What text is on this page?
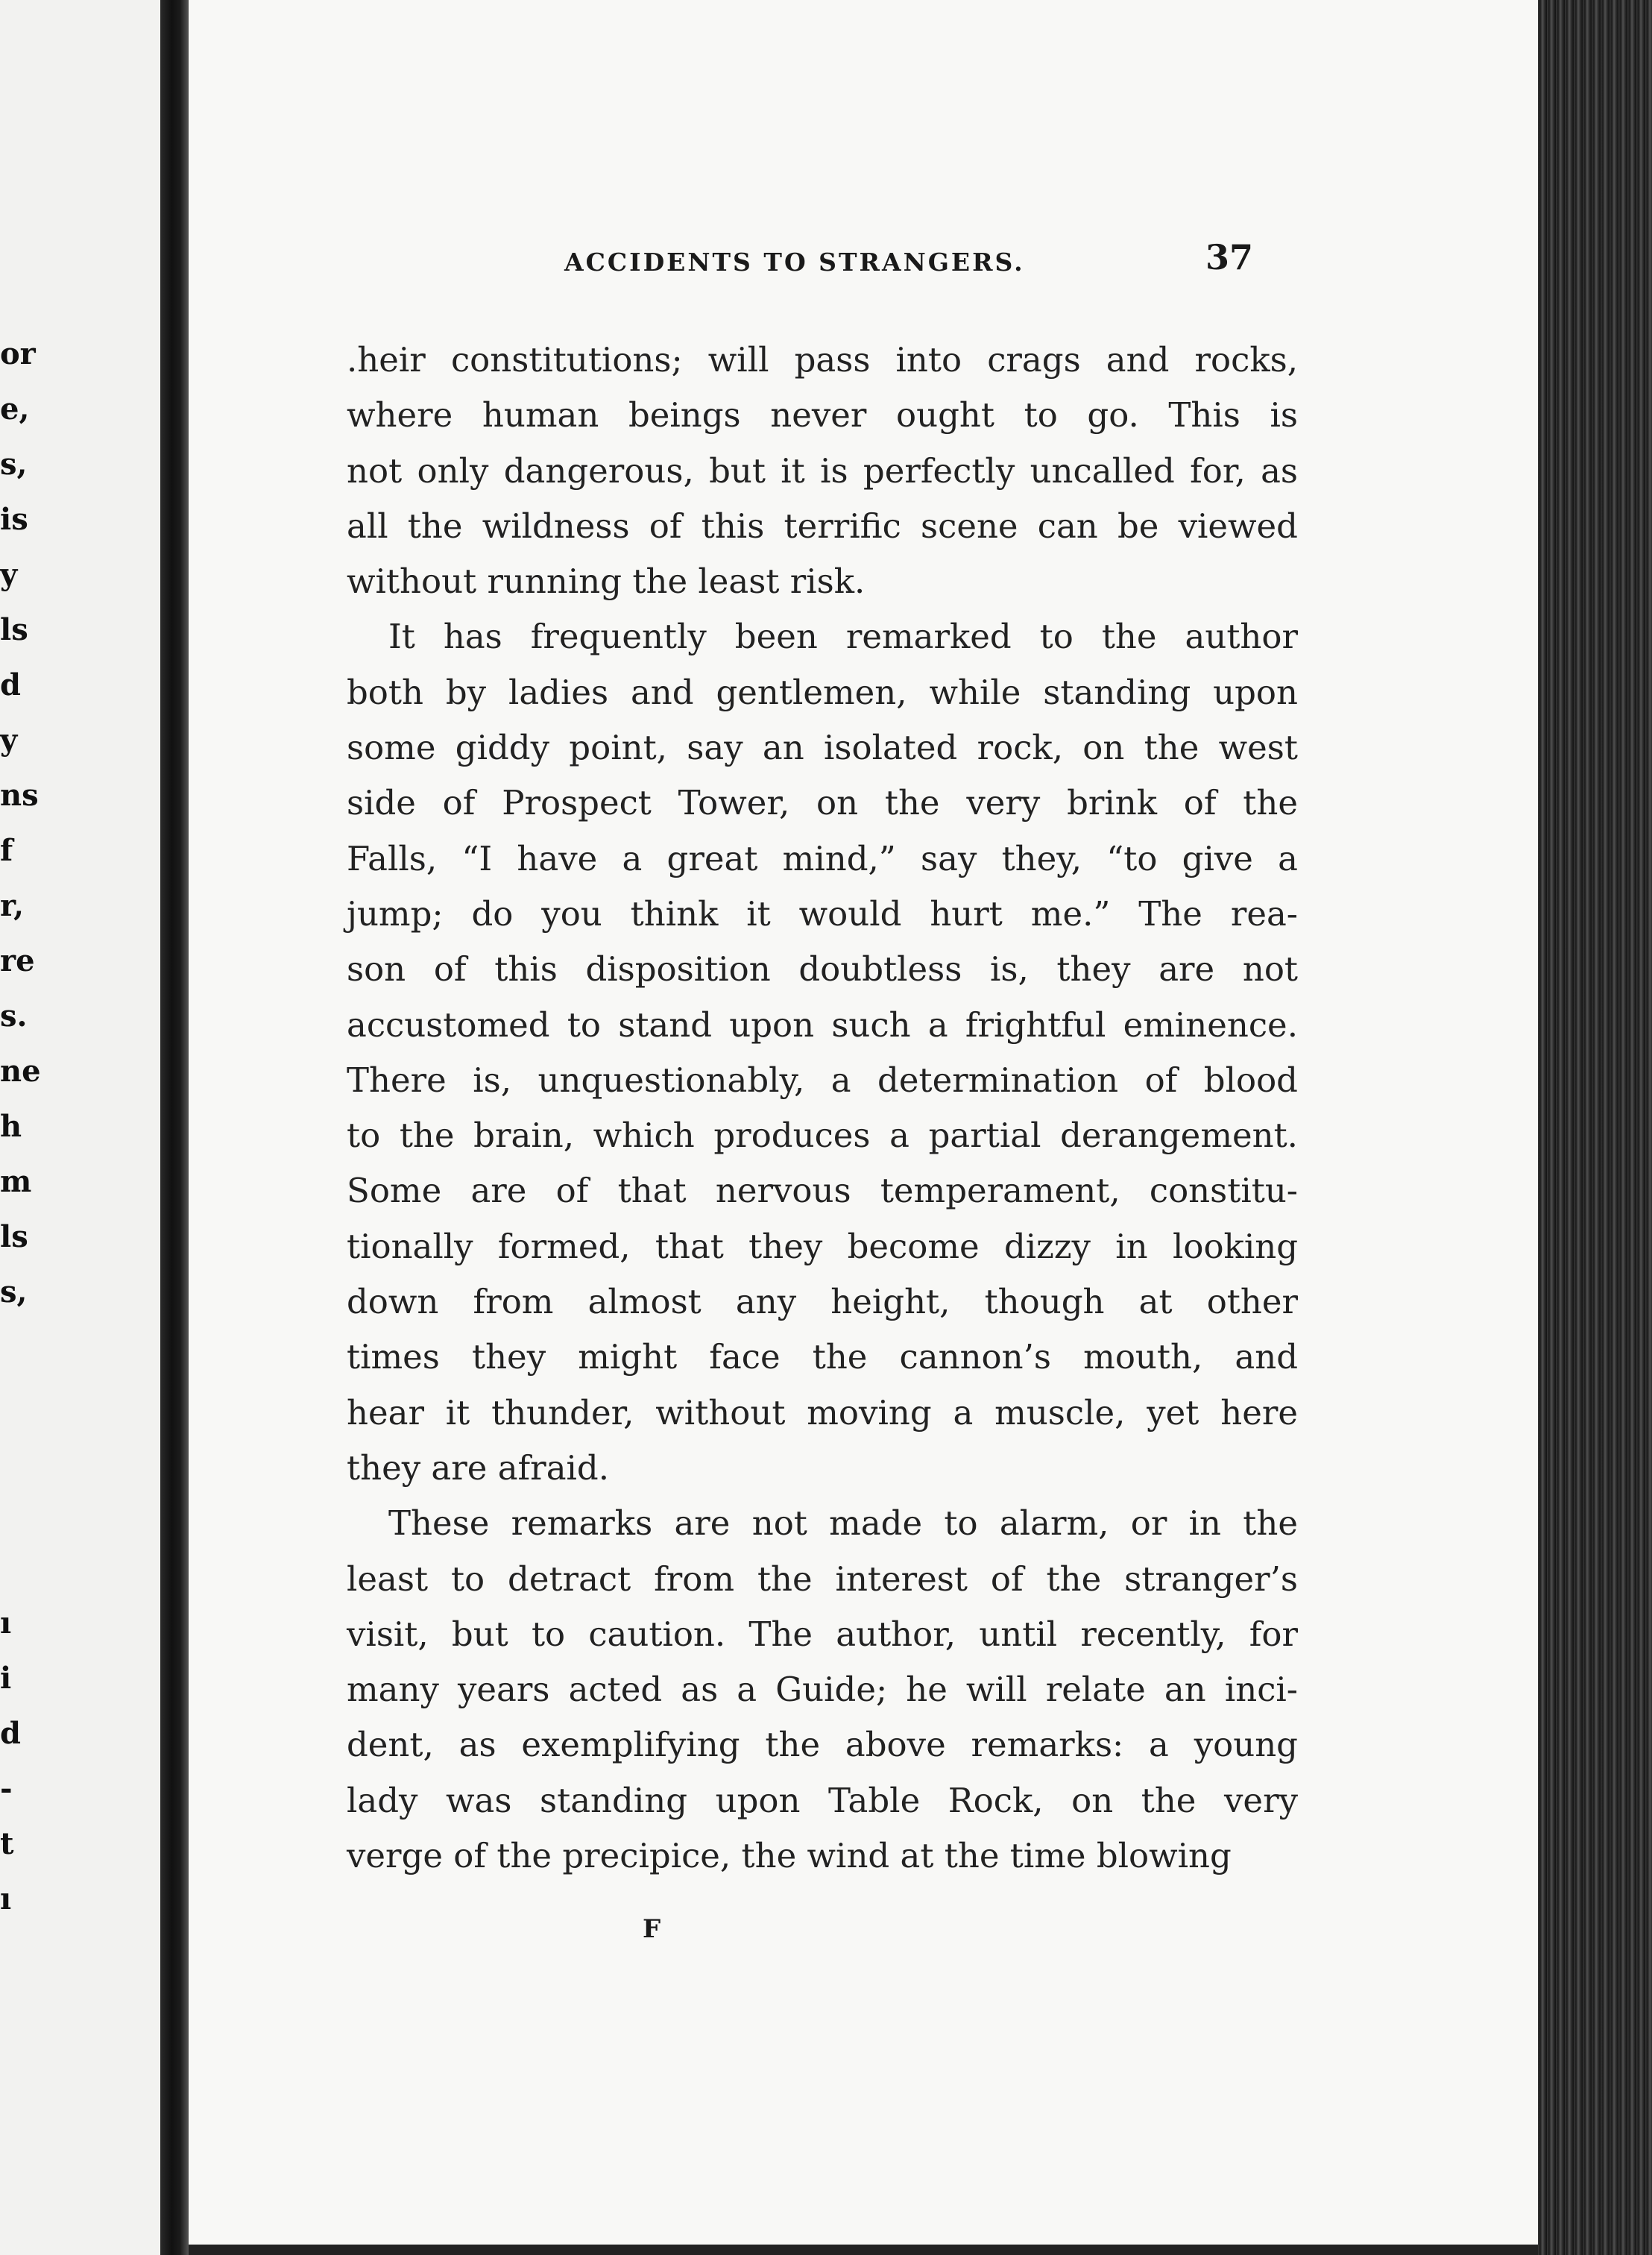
or
e,
s,
is
y
ls
d
y
ns
f
r,
re
s.
ne
h
m
ls
s,
ı
i
d
-
t
ı
ACCIDENTS TO STRANGERS.	37
.heir constitutions; will pass into crags and rocks,
where human beings never ought to go. This is
not only dangerous, but it is perfectly uncalled for, as
all the wildness of this terrific scene can be viewed
without running the least risk.
It has frequently been remarked to the author
both by ladies and gentlemen, while standing upon
some giddy point, say an isolated rock, on the west
side of Prospect Tower, on the very brink of the
Falls, “I have a great mind,” say they, “to give a
jump; do you think it would hurt me.” The rea-
son of this disposition doubtless is, they are not
accustomed to stand upon such a frightful eminence.
There is, unquestionably, a determination of blood
to the brain, which produces a partial derangement.
Some are of that nervous temperament, constitu-
tionally formed, that they become dizzy in looking
down from almost any height, though at other
times they might face the cannon’s mouth, and
hear it thunder, without moving a muscle, yet here
they are afraid.
These remarks are not made to alarm, or in the
least to detract from the interest of the stranger’s
visit, but to caution. The author, until recently, for
many years acted as a Guide; he will relate an inci-
dent, as exemplifying the above remarks: a young
lady was standing upon Table Rock, on the very
verge of the precipice, the wind at the time blowing
F
